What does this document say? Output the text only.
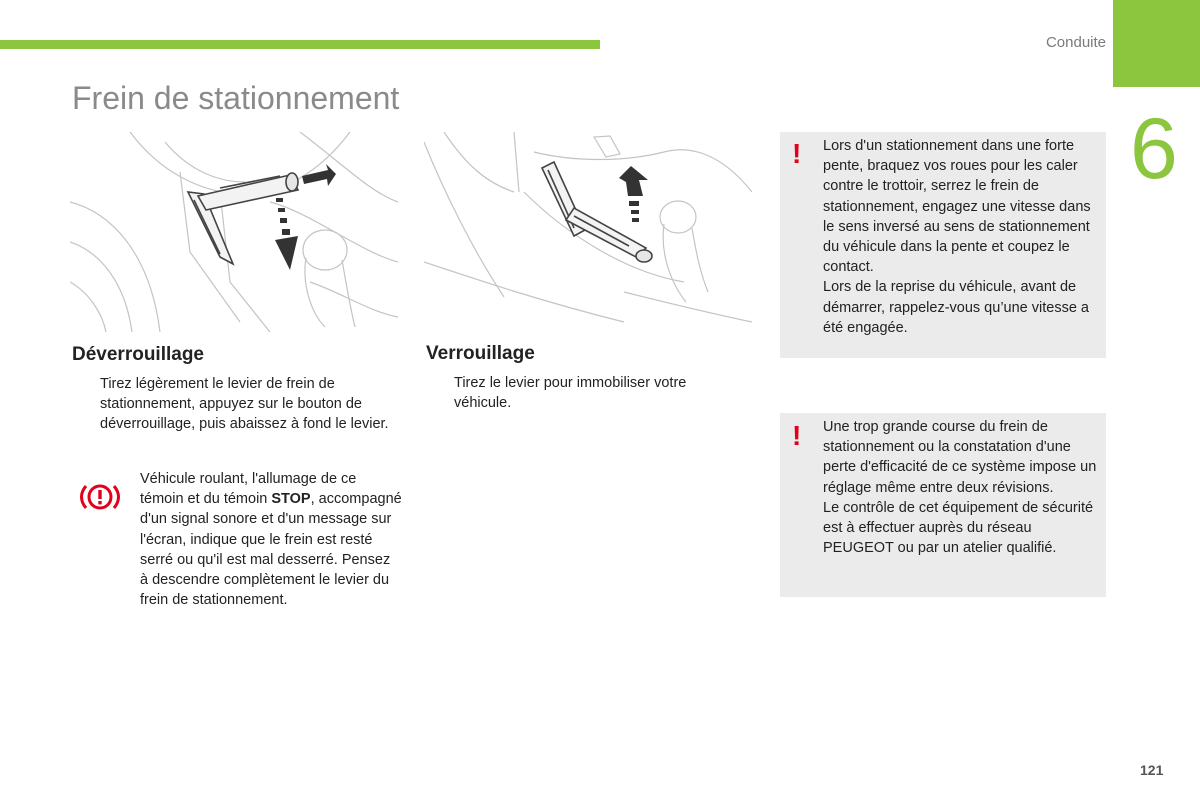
Conduite
6
Frein de stationnement
Déverrouillage
Tirez légèrement le levier de frein de stationnement, appuyez sur le bouton de déverrouillage, puis abaissez à fond le levier.
Véhicule roulant, l'allumage de ce témoin et du témoin STOP, accompagné d'un signal sonore et d'un message sur l'écran, indique que le frein est resté serré ou qu'il est mal desserré. Pensez à descendre complètement le levier du frein de stationnement.
Verrouillage
Tirez le levier pour immobiliser votre véhicule.
! Lors d'un stationnement dans une forte pente, braquez vos roues pour les caler contre le trottoir, serrez le frein de stationnement, engagez une vitesse dans le sens inversé au sens de stationnement du véhicule dans la pente et coupez le contact.
Lors de la reprise du véhicule, avant de démarrer, rappelez-vous qu’une vitesse a été engagée.
! Une trop grande course du frein de stationnement ou la constatation d'une perte d'efficacité de ce système impose un réglage même entre deux révisions.
Le contrôle de cet équipement de sécurité est à effectuer auprès du réseau PEUGEOT ou par un atelier qualifié.
121
